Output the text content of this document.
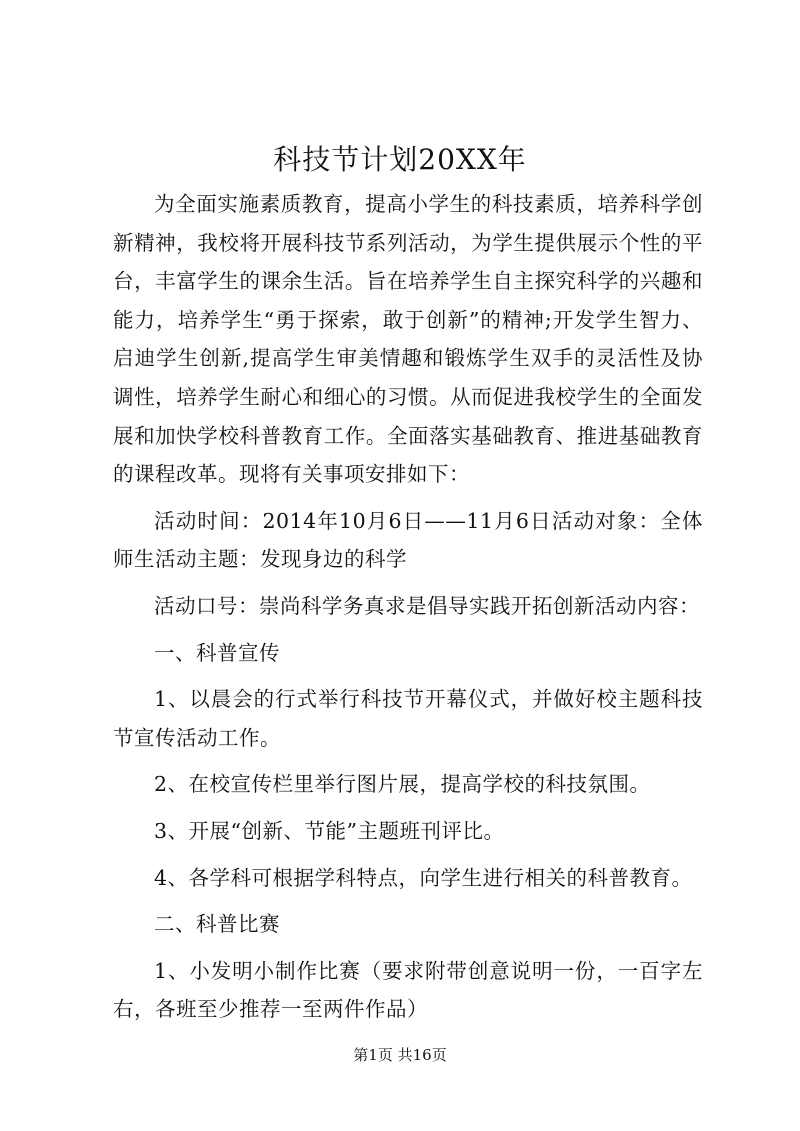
科技节计划20XX年

为全面实施素质教育，提高小学生的科技素质，培养科学创新精神，我校将开展科技节系列活动，为学生提供展示个性的平台，丰富学生的课余生活。旨在培养学生自主探究科学的兴趣和能力，培养学生“勇于探索，敢于创新”的精神;开发学生智力、启迪学生创新,提高学生审美情趣和锻炼学生双手的灵活性及协调性，培养学生耐心和细心的习惯。从而促进我校学生的全面发展和加快学校科普教育工作。全面落实基础教育、推进基础教育的课程改革。现将有关事项安排如下：

活动时间：2014年10月6日——11月6日活动对象：全体师生活动主题：发现身边的科学

活动口号：崇尚科学务真求是倡导实践开拓创新活动内容：

一、科普宣传

1、以晨会的行式举行科技节开幕仪式，并做好校主题科技节宣传活动工作。

2、在校宣传栏里举行图片展，提高学校的科技氛围。

3、开展“创新、节能”主题班刊评比。

4、各学科可根据学科特点，向学生进行相关的科普教育。

二、科普比赛

1、小发明小制作比赛（要求附带创意说明一份，一百字左右，各班至少推荐一至两件作品）

第1页 共16页
